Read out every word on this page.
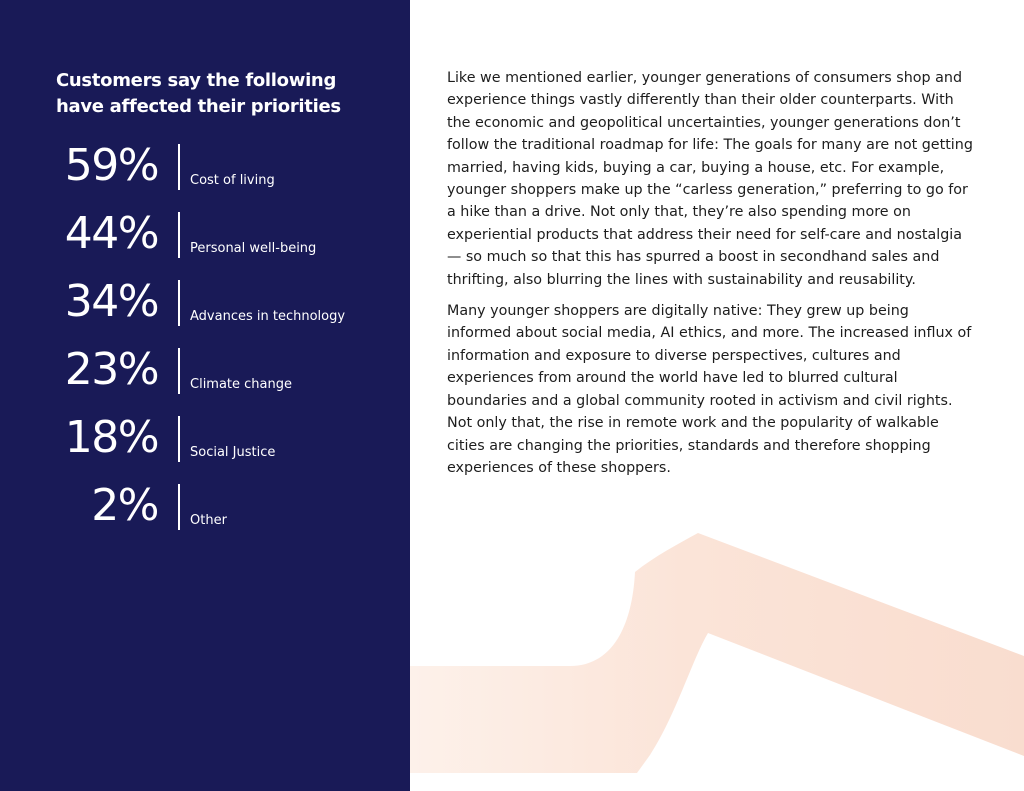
Customers say the following have affected their priorities
59% Cost of living
44% Personal well-being
34% Advances in technology
23% Climate change
18% Social Justice
2% Other

Like we mentioned earlier, younger generations of consumers shop and experience things vastly differently than their older counterparts. With the economic and geopolitical uncertainties, younger generations don’t follow the traditional roadmap for life: The goals for many are not getting married, having kids, buying a car, buying a house, etc. For example, younger shoppers make up the “carless generation,” preferring to go for a hike than a drive. Not only that, they’re also spending more on experiential products that address their need for self-care and nostalgia — so much so that this has spurred a boost in secondhand sales and thrifting, also blurring the lines with sustainability and reusability.

Many younger shoppers are digitally native: They grew up being informed about social media, AI ethics, and more. The increased influx of information and exposure to diverse perspectives, cultures and experiences from around the world have led to blurred cultural boundaries and a global community rooted in activism and civil rights. Not only that, the rise in remote work and the popularity of walkable cities are changing the priorities, standards and therefore shopping experiences of these shoppers.
